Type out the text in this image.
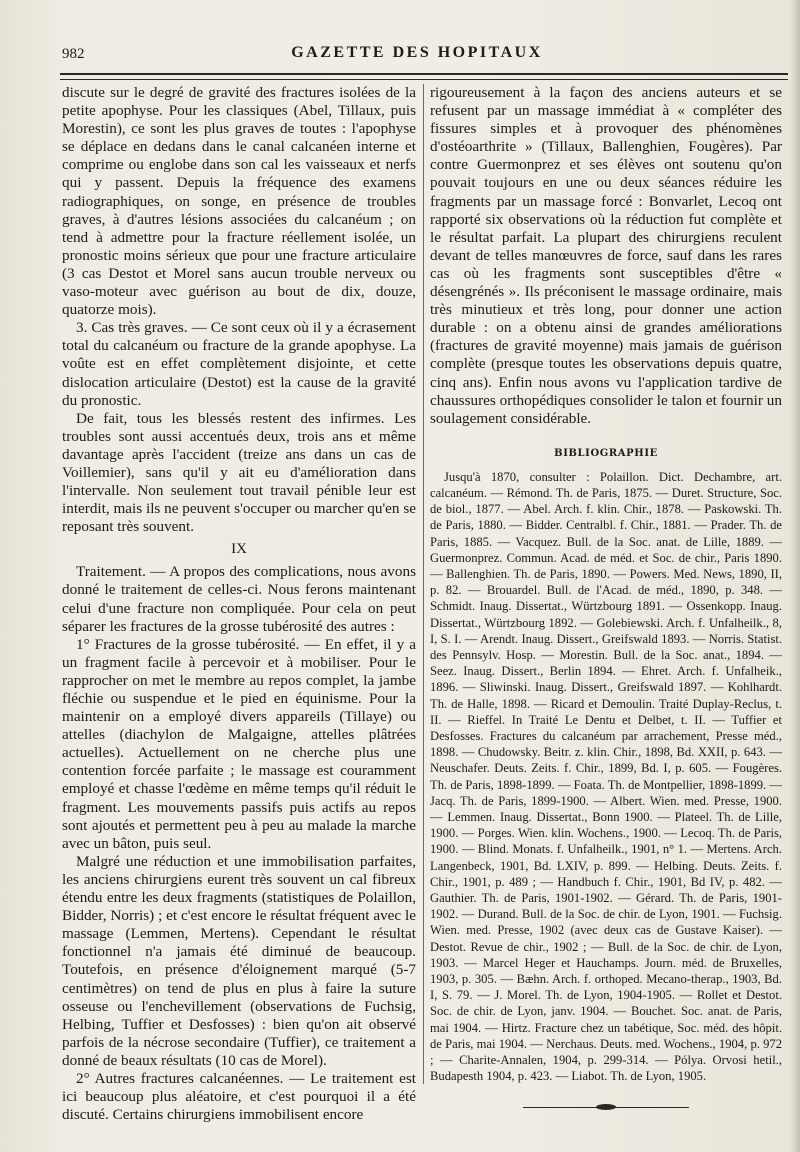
982	GAZETTE DES HOPITAUX

discute sur le degré de gravité des fractures isolées de la petite apophyse. Pour les classiques (Abel, Tillaux, puis Morestin), ce sont les plus graves de toutes : l'apophyse se déplace en dedans dans le canal calcanéen interne et comprime ou englobe dans son cal les vaisseaux et nerfs qui y passent. Depuis la fréquence des examens radiographiques, on songe, en présence de troubles graves, à d'autres lésions associées du calcanéum ; on tend à admettre pour la fracture réellement isolée, un pronostic moins sérieux que pour une fracture articulaire (3 cas Destot et Morel sans aucun trouble nerveux ou vaso-moteur avec guérison au bout de dix, douze, quatorze mois).

3. Cas très graves. — Ce sont ceux où il y a écrasement total du calcanéum ou fracture de la grande apophyse. La voûte est en effet complètement disjointe, et cette dislocation articulaire (Destot) est la cause de la gravité du pronostic.

De fait, tous les blessés restent des infirmes. Les troubles sont aussi accentués deux, trois ans et même davantage après l'accident (treize ans dans un cas de Voillemier), sans qu'il y ait eu d'amélioration dans l'intervalle. Non seulement tout travail pénible leur est interdit, mais ils ne peuvent s'occuper ou marcher qu'en se reposant très souvent.

IX

Traitement. — A propos des complications, nous avons donné le traitement de celles-ci. Nous ferons maintenant celui d'une fracture non compliquée. Pour cela on peut séparer les fractures de la grosse tubérosité des autres :

1° Fractures de la grosse tubérosité. — En effet, il y a un fragment facile à percevoir et à mobiliser. Pour le rapprocher on met le membre au repos complet, la jambe fléchie ou suspendue et le pied en équinisme. Pour la maintenir on a employé divers appareils (Tillaye) ou attelles (diachylon de Malgaigne, attelles plâtrées actuelles). Actuellement on ne cherche plus une contention forcée parfaite ; le massage est couramment employé et chasse l'œdème en même temps qu'il réduit le fragment. Les mouvements passifs puis actifs au repos sont ajoutés et permettent peu à peu au malade la marche avec un bâton, puis seul.

Malgré une réduction et une immobilisation parfaites, les anciens chirurgiens eurent très souvent un cal fibreux étendu entre les deux fragments (statistiques de Polaillon, Bidder, Norris) ; et c'est encore le résultat fréquent avec le massage (Lemmen, Mertens). Cependant le résultat fonctionnel n'a jamais été diminué de beaucoup. Toutefois, en présence d'éloignement marqué (5-7 centimètres) on tend de plus en plus à faire la suture osseuse ou l'enchevillement (observations de Fuchsig, Helbing, Tuffier et Desfosses) : bien qu'on ait observé parfois de la nécrose secondaire (Tuffier), ce traitement a donné de beaux résultats (10 cas de Morel).

2° Autres fractures calcanéennes. — Le traitement est ici beaucoup plus aléatoire, et c'est pourquoi il a été discuté. Certains chirurgiens immobilisent encore

rigoureusement à la façon des anciens auteurs et se refusent par un massage immédiat à « compléter des fissures simples et à provoquer des phénomènes d'ostéoarthrite » (Tillaux, Ballenghien, Fougères). Par contre Guermonprez et ses élèves ont soutenu qu'on pouvait toujours en une ou deux séances réduire les fragments par un massage forcé : Bonvarlet, Lecoq ont rapporté six observations où la réduction fut complète et le résultat parfait. La plupart des chirurgiens reculent devant de telles manœuvres de force, sauf dans les rares cas où les fragments sont susceptibles d'être « désengrénés ». Ils préconisent le massage ordinaire, mais très minutieux et très long, pour donner une action durable : on a obtenu ainsi de grandes améliorations (fractures de gravité moyenne) mais jamais de guérison complète (presque toutes les observations depuis quatre, cinq ans). Enfin nous avons vu l'application tardive de chaussures orthopédiques consolider le talon et fournir un soulagement considérable.

BIBLIOGRAPHIE

Jusqu'à 1870, consulter : Polaillon. Dict. Dechambre, art. calcanéum. — Rémond. Th. de Paris, 1875. — Duret. Structure, Soc. de biol., 1877. — Abel. Arch. f. klin. Chir., 1878. — Paskowski. Th. de Paris, 1880. — Bidder. Centralbl. f. Chir., 1881. — Prader. Th. de Paris, 1885. — Vacquez. Bull. de la Soc. anat. de Lille, 1889. — Guermonprez. Commun. Acad. de méd. et Soc. de chir., Paris 1890. — Ballenghien. Th. de Paris, 1890. — Powers. Med. News, 1890, II, p. 82. — Brouardel. Bull. de l'Acad. de méd., 1890, p. 348. — Schmidt. Inaug. Dissertat., Würtzbourg 1891. — Ossenkopp. Inaug. Dissertat., Würtzbourg 1892. — Golebiewski. Arch. f. Unfalheilk., 8, I, S. I. — Arendt. Inaug. Dissert., Greifswald 1893. — Norris. Statist. des Pennsylv. Hosp. — Morestin. Bull. de la Soc. anat., 1894. — Seez. Inaug. Dissert., Berlin 1894. — Ehret. Arch. f. Unfalheik., 1896. — Sliwinski. Inaug. Dissert., Greifswald 1897. — Kohlhardt. Th. de Halle, 1898. — Ricard et Demoulin. Traité Duplay-Reclus, t. II. — Rieffel. In Traité Le Dentu et Delbet, t. II. — Tuffier et Desfosses. Fractures du calcanéum par arrachement, Presse méd., 1898. — Chudowsky. Beitr. z. klin. Chir., 1898, Bd. XXII, p. 643. — Neuschafer. Deuts. Zeits. f. Chir., 1899, Bd. I, p. 605. — Fougères. Th. de Paris, 1898-1899. — Foata. Th. de Montpellier, 1898-1899. — Jacq. Th. de Paris, 1899-1900. — Albert. Wien. med. Presse, 1900. — Lemmen. Inaug. Dissertat., Bonn 1900. — Plateel. Th. de Lille, 1900. — Porges. Wien. klin. Wochens., 1900. — Lecoq. Th. de Paris, 1900. — Blind. Monats. f. Unfalheilk., 1901, n° 1. — Mertens. Arch. Langenbeck, 1901, Bd. LXIV, p. 899. — Helbing. Deuts. Zeits. f. Chir., 1901, p. 489 ; — Handbuch f. Chir., 1901, Bd IV, p. 482. — Gauthier. Th. de Paris, 1901-1902. — Gérard. Th. de Paris, 1901-1902. — Durand. Bull. de la Soc. de chir. de Lyon, 1901. — Fuchsig. Wien. med. Presse, 1902 (avec deux cas de Gustave Kaiser). — Destot. Revue de chir., 1902 ; — Bull. de la Soc. de chir. de Lyon, 1903. — Marcel Heger et Hauchamps. Journ. méd. de Bruxelles, 1903, p. 305. — Bæhn. Arch. f. orthoped. Mecano-therap., 1903, Bd. I, S. 79. — J. Morel. Th. de Lyon, 1904-1905. — Rollet et Destot. Soc. de chir. de Lyon, janv. 1904. — Bouchet. Soc. anat. de Paris, mai 1904. — Hirtz. Fracture chez un tabétique, Soc. méd. des hôpit. de Paris, mai 1904. — Nerchaus. Deuts. med. Wochens., 1904, p. 972 ; — Charite-Annalen, 1904, p. 299-314. — Pólya. Orvosi hetil., Budapesth 1904, p. 423. — Liabot. Th. de Lyon, 1905.
